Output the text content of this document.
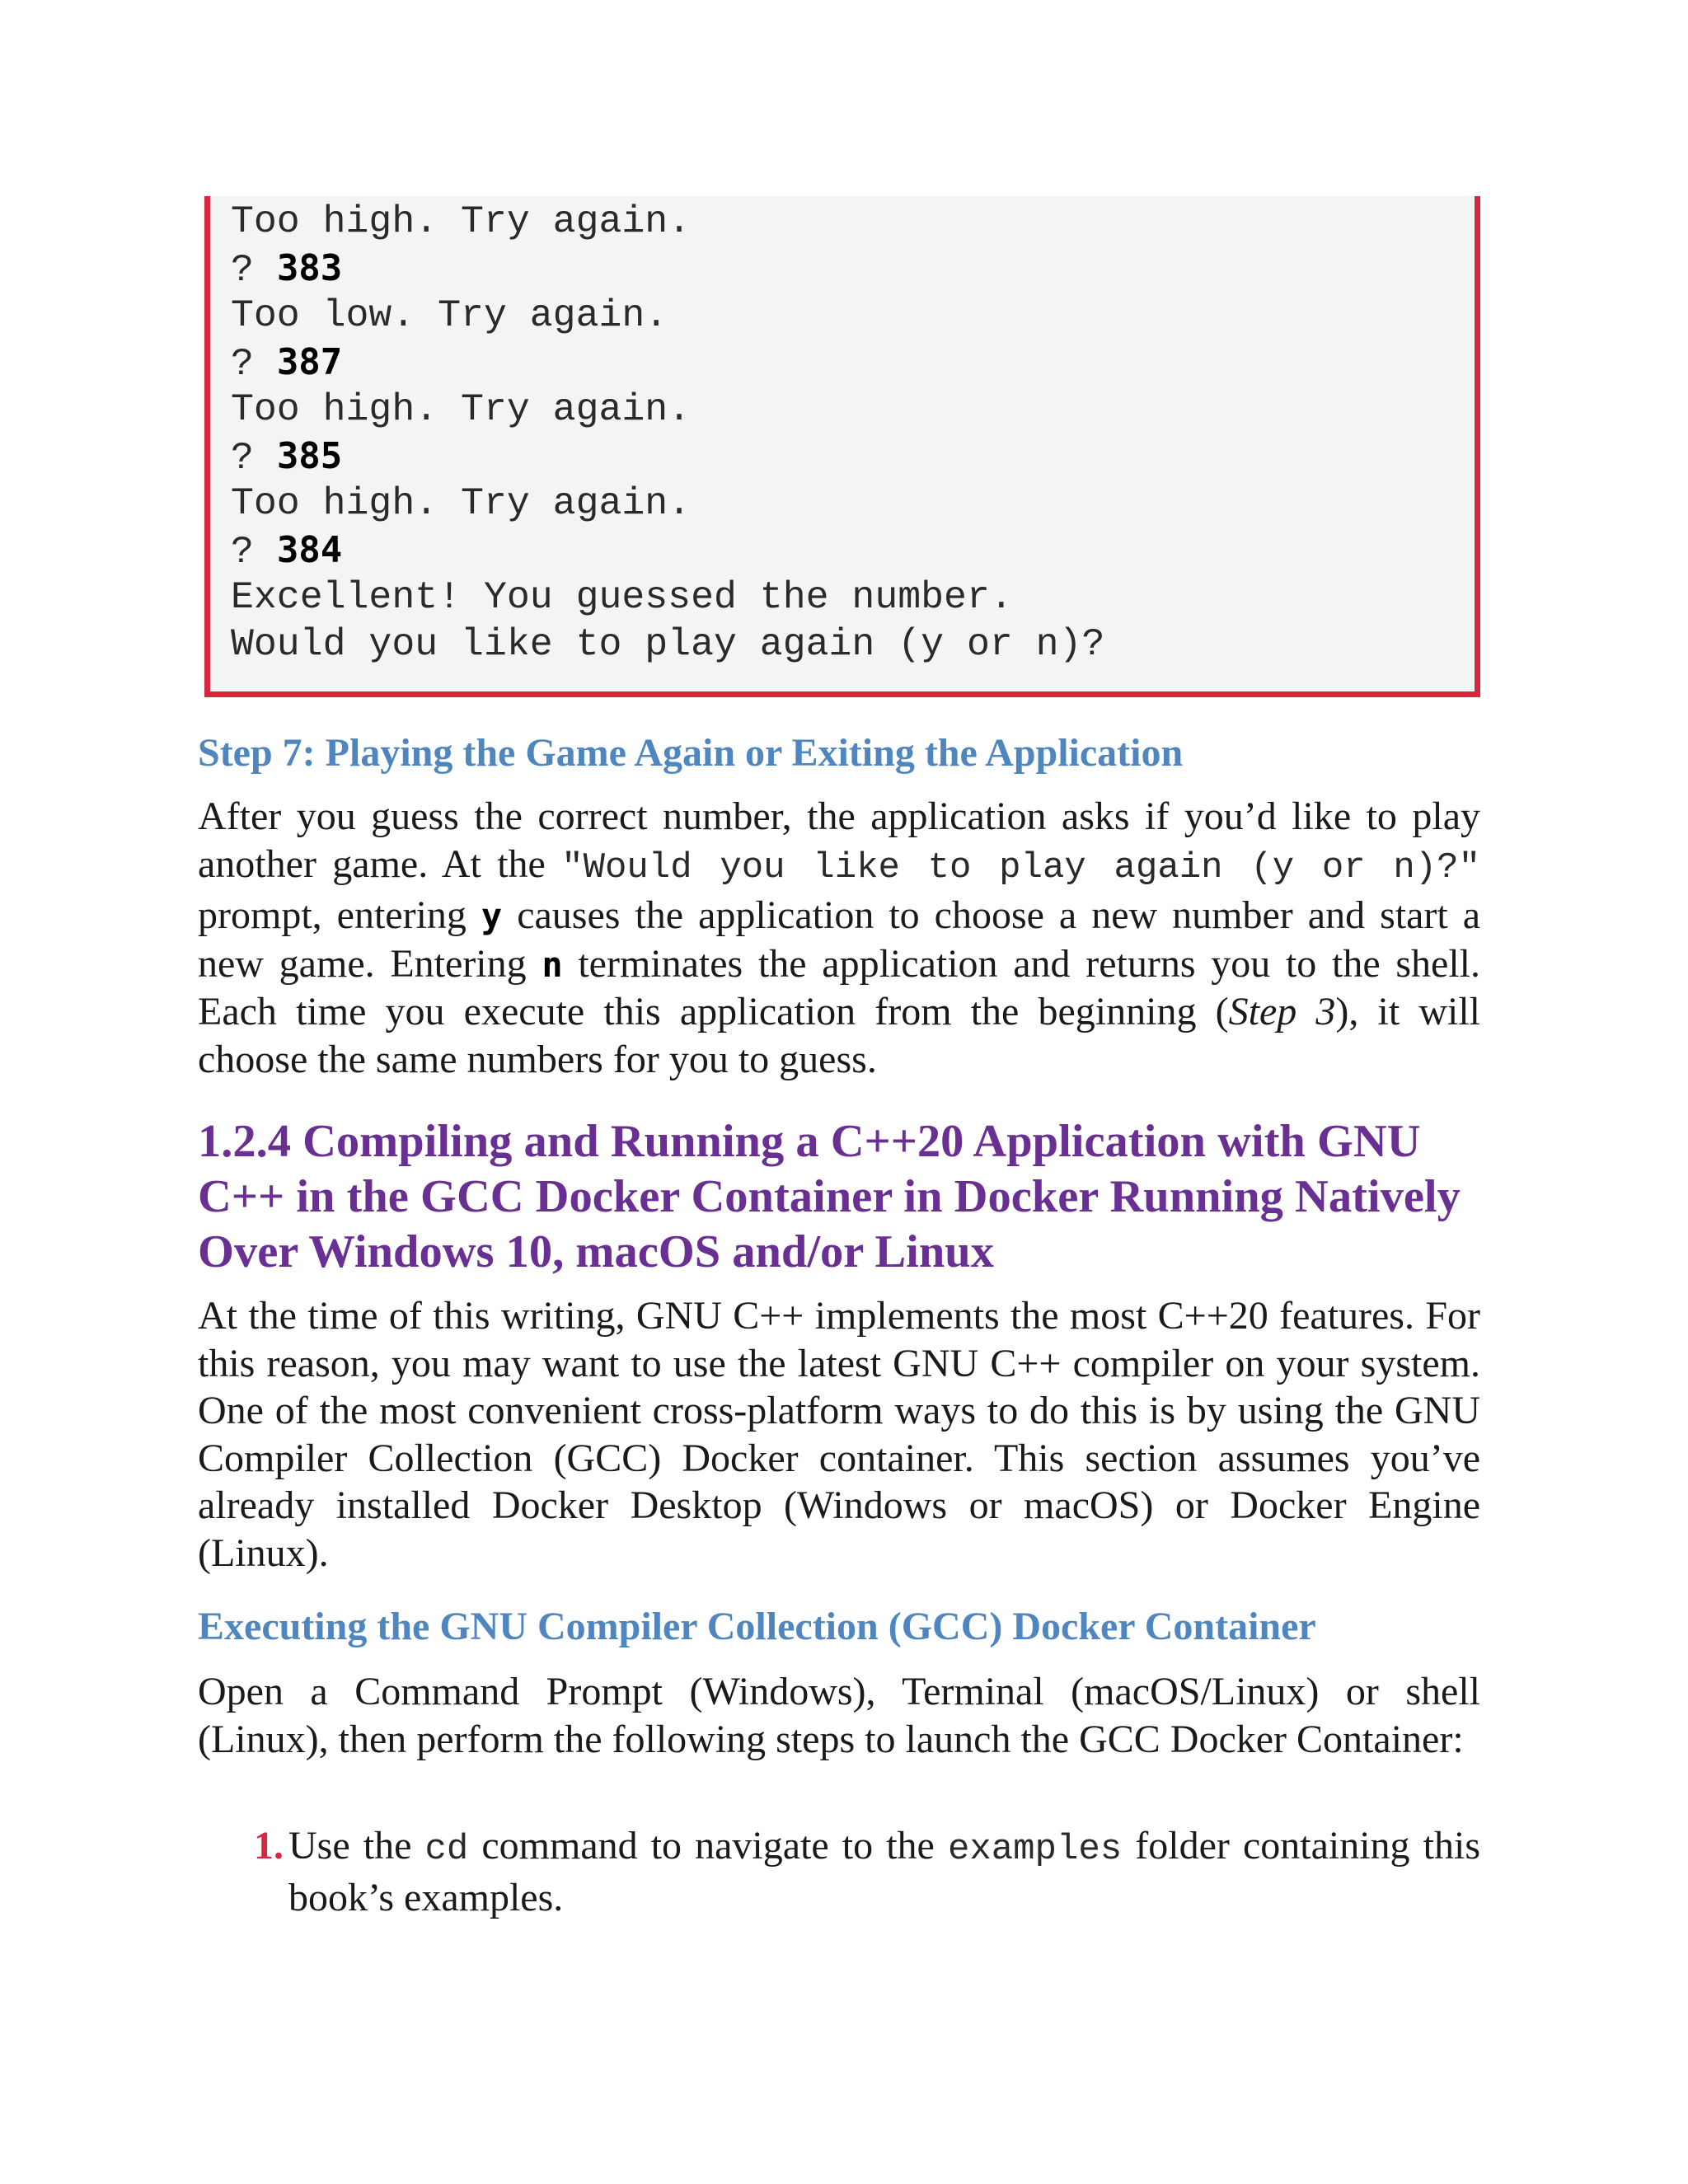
Too high. Try again.
? 383
Too low. Try again.
? 387
Too high. Try again.
? 385
Too high. Try again.
? 384
Excellent! You guessed the number.
Would you like to play again (y or n)?
Step 7: Playing the Game Again or Exiting the Application

After you guess the correct number, the application asks if you’d like to play another game. At the "Would you like to play again (y or n)?" prompt, entering y causes the application to choose a new number and start a new game. Entering n terminates the application and returns you to the shell. Each time you execute this application from the beginning (Step 3), it will choose the same numbers for you to guess.

1.2.4 Compiling and Running a C++20 Application with GNU C++ in the GCC Docker Container in Docker Running Natively Over Windows 10, macOS and/or Linux

At the time of this writing, GNU C++ implements the most C++20 features. For this reason, you may want to use the latest GNU C++ compiler on your system. One of the most convenient cross-platform ways to do this is by using the GNU Compiler Collection (GCC) Docker container. This section assumes you’ve already installed Docker Desktop (Windows or macOS) or Docker Engine (Linux).

Executing the GNU Compiler Collection (GCC) Docker Container

Open a Command Prompt (Windows), Terminal (macOS/Linux) or shell (Linux), then perform the following steps to launch the GCC Docker Container:

1. Use the cd command to navigate to the examples folder containing this book’s examples.
